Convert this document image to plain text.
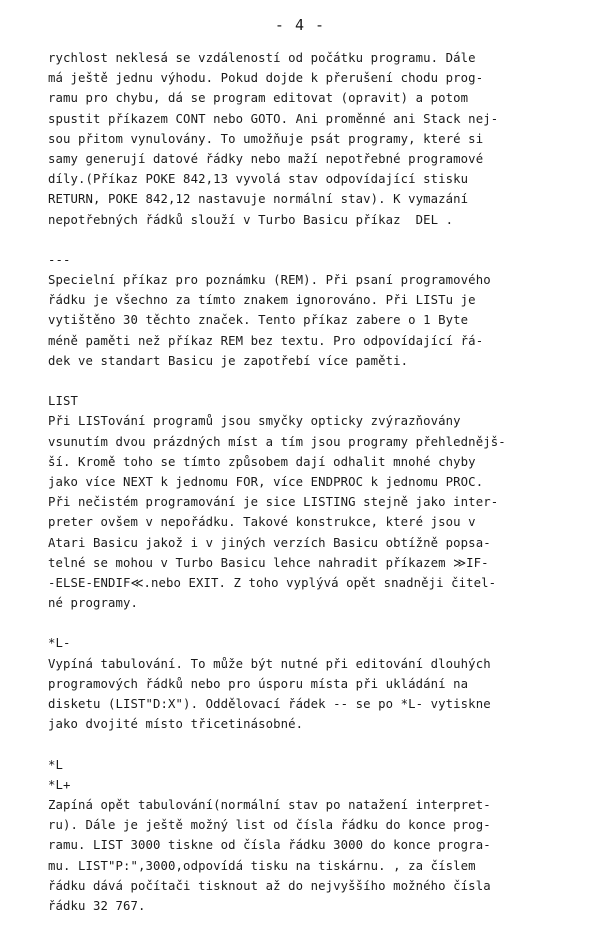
- 4 -
rychlost neklesá se vzdáleností od počátku programu. Dále
má ještě jednu výhodu. Pokud dojde k přerušení chodu prog-
ramu pro chybu, dá se program editovat (opravit) a potom
spustit příkazem CONT nebo GOTO. Ani proměnné ani Stack nej-
sou přitom vynulovány. To umožňuje psát programy, které si
samy generují datové řádky nebo maží nepotřebné programové
díly.(Příkaz POKE 842,13 vyvolá stav odpovídající stisku
RETURN, POKE 842,12 nastavuje normální stav). K vymazání
nepotřebných řádků slouží v Turbo Basicu příkaz  DEL .
---
Specielní příkaz pro poznámku (REM). Při psaní programového
řádku je všechno za tímto znakem ignorováno. Při LISTu je
vytištěno 30 těchto značek. Tento příkaz zabere o 1 Byte
méně paměti než příkaz REM bez textu. Pro odpovídající řá-
dek ve standart Basicu je zapotřebí více paměti.
LIST
Při LISTování programů jsou smyčky opticky zvýrazňovány
vsunutím dvou prázdných míst a tím jsou programy přehlednějš-
ší. Kromě toho se tímto způsobem dají odhalit mnohé chyby
jako více NEXT k jednomu FOR, více ENDPROC k jednomu PROC.
Při nečistém programování je sice LISTING stejně jako inter-
preter ovšem v nepořádku. Takové konstrukce, které jsou v
Atari Basicu jakož i v jiných verzích Basicu obtížně popsa-
telné se mohou v Turbo Basicu lehce nahradit příkazem ≫IF-
-ELSE-ENDIF≪.nebo EXIT. Z toho vyplývá opět snadněji čitel-
né programy.
*L-
Vypíná tabulování. To může být nutné při editování dlouhých
programových řádků nebo pro úsporu místa při ukládání na
disketu (LIST"D:X"). Oddělovací řádek -- se po *L- vytiskne
jako dvojité místo třicetinásobné.
*L
*L+
Zapíná opět tabulování(normální stav po natažení interpret-
ru). Dále je ještě možný list od čísla řádku do konce prog-
ramu. LIST 3000 tiskne od čísla řádku 3000 do konce progra-
mu. LIST"P:",3000,odpovídá tisku na tiskárnu. , za číslem
řádku dává počítači tisknout až do nejvyššího možného čísla
řádku 32 767.
